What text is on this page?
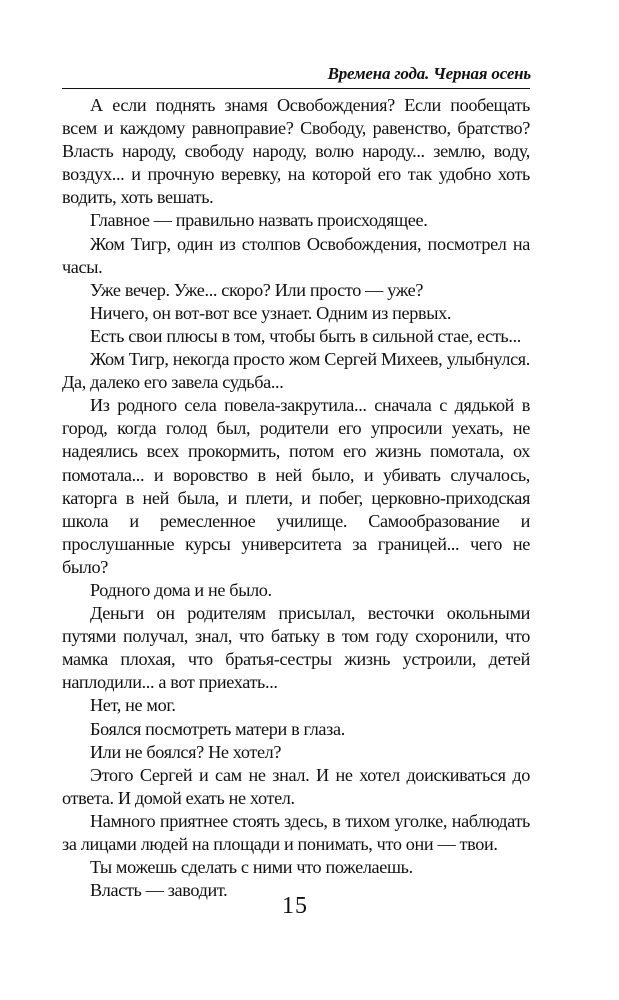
Времена года. Черная осень

А если поднять знамя Освобождения? Если пообещать всем и каждому равноправие? Свободу, равенство, братство? Власть народу, свободу народу, волю народу... землю, воду, воздух... и прочную веревку, на которой его так удобно хоть водить, хоть вешать.

Главное — правильно назвать происходящее.

Жом Тигр, один из столпов Освобождения, посмотрел на часы.

Уже вечер. Уже... скоро? Или просто — уже?

Ничего, он вот-вот все узнает. Одним из первых.

Есть свои плюсы в том, чтобы быть в сильной стае, есть...

Жом Тигр, некогда просто жом Сергей Михеев, улыбнулся. Да, далеко его завела судьба...

Из родного села повела-закрутила... сначала с дядькой в город, когда голод был, родители его упросили уехать, не надеялись всех прокормить, потом его жизнь помотала, ох помотала... и воровство в ней было, и убивать случалось, каторга в ней была, и плети, и побег, церковно-приходская школа и ремесленное училище. Самообразование и прослушанные курсы университета за границей... чего не было?

Родного дома и не было.

Деньги он родителям присылал, весточки окольными путями получал, знал, что батьку в том году схоронили, что мамка плохая, что братья-сестры жизнь устроили, детей наплодили... а вот приехать...

Нет, не мог.

Боялся посмотреть матери в глаза.

Или не боялся? Не хотел?

Этого Сергей и сам не знал. И не хотел доискиваться до ответа. И домой ехать не хотел.

Намного приятнее стоять здесь, в тихом уголке, наблюдать за лицами людей на площади и понимать, что они — твои.

Ты можешь сделать с ними что пожелаешь.

Власть — заводит.

15
